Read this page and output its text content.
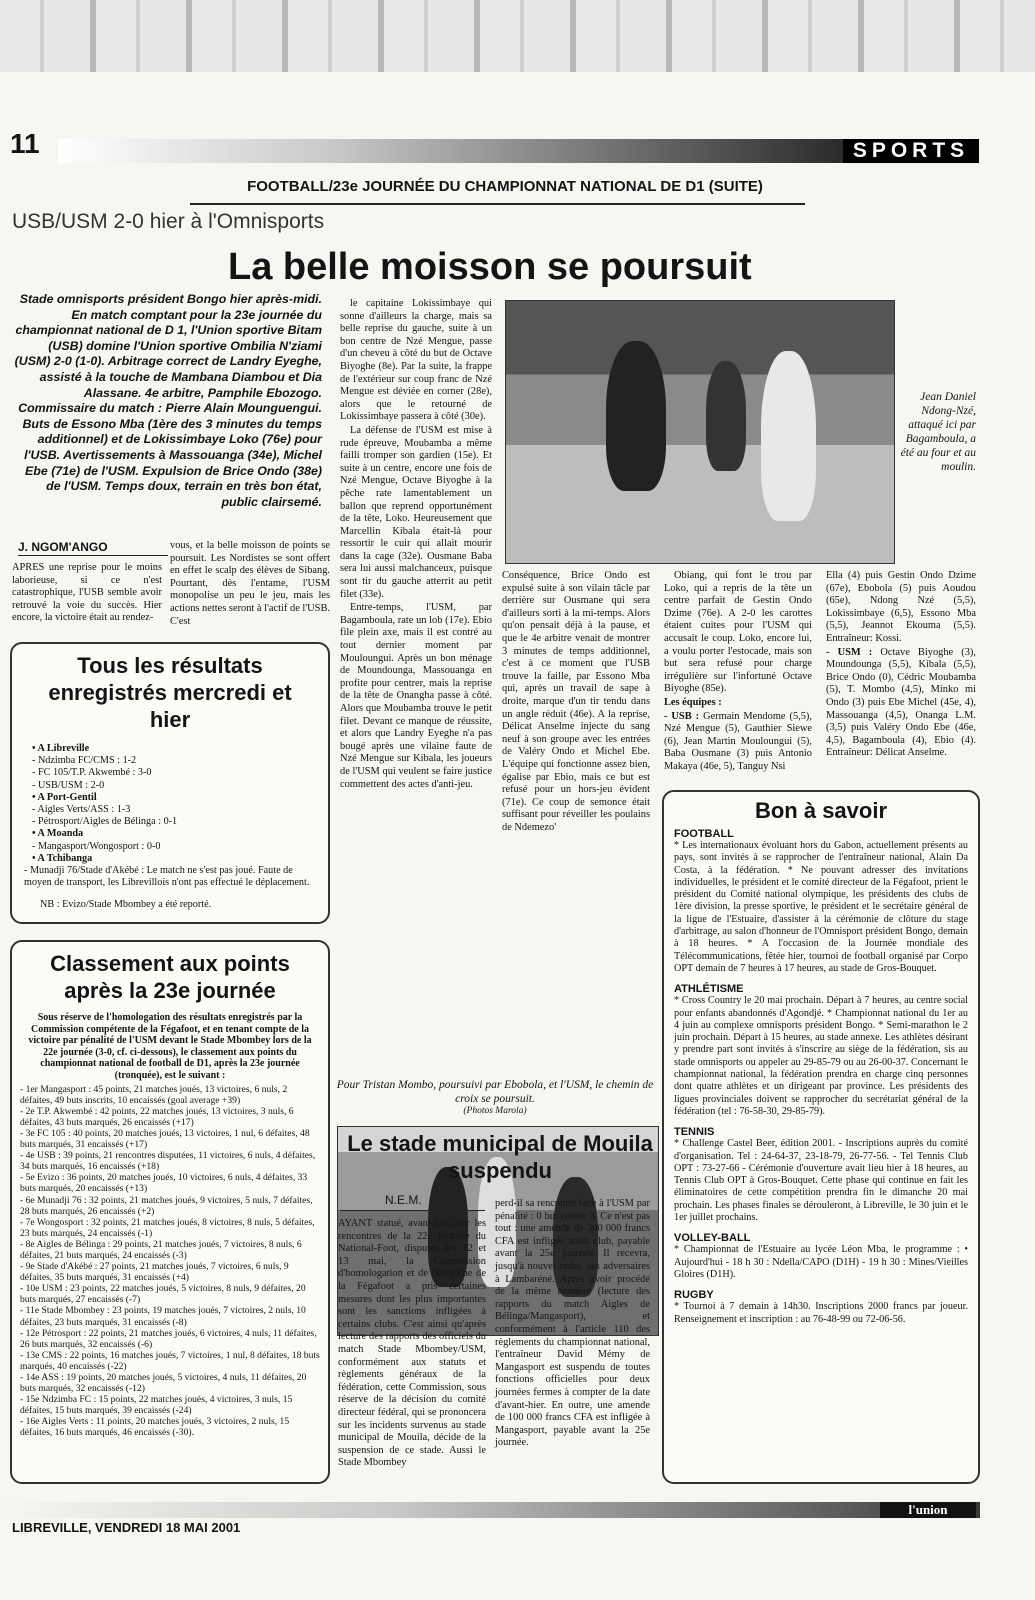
11	SPORTS
FOOTBALL/23e JOURNÉE DU CHAMPIONNAT NATIONAL DE D1 (SUITE)
USB/USM 2-0 hier à l'Omnisports
La belle moisson se poursuit
Stade omnisports président Bongo hier après-midi. En match comptant pour la 23e journée du championnat national de D 1, l'Union sportive Bitam (USB) domine l'Union sportive Ombilia N'ziami (USM) 2-0 (1-0). Arbitrage correct de Landry Eyeghe, assisté à la touche de Mambana Diambou et Dia Alassane. 4e arbitre, Pamphile Ebozogo. Commissaire du match : Pierre Alain Mounguengui. Buts de Essono Mba (1ère des 3 minutes du temps additionnel) et de Lokissimbaye Loko (76e) pour l'USB. Avertissements à Massouanga (34e), Michel Ebe (71e) de l'USM. Expulsion de Brice Ondo (38e) de l'USM. Temps doux, terrain en très bon état, public clairsemé.
J. NGOM'ANGO
APRES une reprise pour le moins laborieuse, si ce n'est catastrophique, l'USB semble avoir retrouvé la voie du succès. Hier encore, la victoire était au rendez-
vous, et la belle moisson de points se poursuit. Les Nordistes se sont offert en effet le scalp des élèves de Sibang. Pourtant, dès l'entame, l'USM monopolise un peu le jeu, mais les actions nettes seront à l'actif de l'USB. C'est

le capitaine Lokissimbaye qui sonne d'ailleurs la charge, mais sa belle reprise du gauche, suite à un bon centre de Nzé Mengue, passe d'un cheveu à côté du but de Octave Biyoghe (8e). Par la suite, la frappe de l'extérieur sur coup franc de Nzé Mengue est déviée en corner (28e), alors que le retourné de Lokissimbaye passera à côté (30e).

La défense de l'USM est mise à rude épreuve, Moubamba a même failli tromper son gardien (15e). Et suite à un centre, encore une fois de Nzé Mengue, Octave Biyoghe à la pêche rate lamentablement un ballon que reprend opportunément de la tête, Loko. Heureusement que Marcellin Kibala était-là pour ressortir le cuir qui allait mourir dans la cage (32e). Ousmane Baba sera lui aussi malchanceux, puisque sont tir du gauche atterrit au petit filet (33e).

Entre-temps, l'USM, par Bagamboula, rate un lob (17e). Ebio file plein axe, mais il est contré au tout dernier moment par Mouloungui. Après un bon ménage de Moundounga, Massouanga en profite pour centrer, mais la reprise de la tête de Onangha passe à côté. Alors que Moubamba trouve le petit filet. Devant ce manque de réussite, et alors que Landry Eyeghe n'a pas bougé après une vilaine faute de Nzé Mengue sur Kibala, les joueurs de l'USM qui veulent se faire justice commettent des actes d'anti-jeu.

Jean Daniel Ndong-Nzé, attaqué ici par Bagamboula, a été au four et au moulin.
Conséquence, Brice Ondo est expulsé suite à son vilain tâcle par derrière sur Ousmane qui sera d'ailleurs sorti à la mi-temps. Alors qu'on pensait déjà à la pause, et que le 4e arbitre venait de montrer 3 minutes de temps additionnel, c'est à ce moment que l'USB trouve la faille, par Essono Mba qui, après un travail de sape à droite, marque d'un tir tendu dans un angle réduit (46e). A la reprise, Délicat Anselme injecte du sang neuf à son groupe avec les entrées de Valéry Ondo et Michel Ebe. L'équipe qui fonctionne assez bien, égalise par Ebio, mais ce but est refusé pour un hors-jeu évident (71e). Ce coup de semonce était suffisant pour réveiller les poulains de Ndemezo'

Obiang, qui font le trou par Loko, qui a repris de la tête un centre parfait de Gestin Ondo Dzime (76e). A 2-0 les carottes étaient cuites pour l'USM qui accusait le coup. Loko, encore lui, a voulu porter l'estocade, mais son but sera refusé pour charge irrégulière sur l'infortuné Octave Biyoghe (85e).

Les équipes :

- USB : Germain Mendome (5,5), Nzé Mengue (5), Gauthier Siewe (6), Jean Martin Mouloungui (5), Baba Ousmane (3) puis Antonio Makaya (46e, 5), Tanguy Nsi

Ella (4) puis Gestin Ondo Dzime (67e), Ebobola (5) puis Aoudou (65e), Ndong Nzé (5,5), Lokissimbaye (6,5), Essono Mba (5,5), Jeannot Ekouma (5,5). Entraîneur: Kossi.

- USM : Octave Biyoghe (3), Moundounga (5,5), Kibala (5,5), Brice Ondo (0), Cédric Moubamba (5), T. Mombo (4,5), Minko mi Ondo (3) puis Ebe Michel (45e, 4), Massouanga (4,5), Onanga L.M. (3,5) puis Valéry Ondo Ebe (46e, 4,5), Bagamboula (4), Ebio (4). Entraîneur: Délicat Anselme.

Tous les résultats enregistrés mercredi et hier

• A Libreville

- Ndzimba FC/CMS : 1-2

- FC 105/T.P. Akwembé : 3-0

- USB/USM : 2-0

• A Port-Gentil

- Aigles Verts/ASS : 1-3

- Pétrosport/Aigles de Bélinga : 0-1

• A Moanda

- Mangasport/Wongosport : 0-0

• A Tchibanga

- Munadji 76/Stade d'Akébé : Le match ne s'est pas joué. Faute de moyen de transport, les Librevillois n'ont pas effectué le déplacement.

NB : Evizo/Stade Mbombey a été reporté.

Classement aux points après la 23e journée
Sous réserve de l'homologation des résultats enregistrés par la Commission compétente de la Fégafoot, et en tenant compte de la victoire par pénalité de l'USM devant le Stade Mbombey lors de la 22e journée (3-0, cf. ci-dessous), le classement aux points du championnat national de football de D1, après la 23e journée (tronquée), est le suivant :

- 1er Mangasport : 45 points, 21 matches joués, 13 victoires, 6 nuls, 2 défaites, 49 buts inscrits, 10 encaissés (goal average +39)

- 2e T.P. Akwembé : 42 points, 22 matches joués, 13 victoires, 3 nuls, 6 défaites, 43 buts marqués, 26 encaissés (+17)

- 3e FC 105 : 40 points, 20 matches joués, 13 victoires, 1 nul, 6 défaites, 48 buts marqués, 31 encaissés (+17)

- 4e USB : 39 points, 21 rencontres disputées, 11 victoires, 6 nuls, 4 défaites, 34 buts marqués, 16 encaissés (+18)

- 5e Evizo : 36 points, 20 matches joués, 10 victoires, 6 nuls, 4 défaites, 33 buts marqués, 20 encaissés (+13)

- 6e Munadji 76 : 32 points, 21 matches joués, 9 victoires, 5 nuls, 7 défaites, 28 buts marqués, 26 encaissés (+2)

- 7e Wongosport : 32 points, 21 matches joués, 8 victoires, 8 nuls, 5 défaites, 23 buts marqués, 24 encaissés (-1)

- 8e Aigles de Bélinga : 29 points, 21 matches joués, 7 victoires, 8 nuls, 6 défaites, 21 buts marqués, 24 encaissés (-3)

- 9e Stade d'Akébé : 27 points, 21 matches joués, 7 victoires, 6 nuls, 9 défaites, 35 buts marqués, 31 encaissés (+4)

- 10e USM : 23 points, 22 matches joués, 5 victoires, 8 nuls, 9 défaites, 20 buts marqués, 27 encaissés (-7)

- 11e Stade Mbombey : 23 points, 19 matches joués, 7 victoires, 2 nuls, 10 défaites, 23 buts marqués, 31 encaissés (-8)

- 12e Pétrosport : 22 points, 21 matches joués, 6 victoires, 4 nuls, 11 défaites, 26 buts marqués, 32 encaissés (-6)

- 13e CMS : 22 points, 16 matches joués, 7 victoires, 1 nul, 8 défaites, 18 buts marqués, 40 encaissés (-22)

- 14e ASS : 19 points, 20 matches joués, 5 victoires, 4 nuls, 11 défaites, 20 buts marqués, 32 encaissés (-12)

- 15e Ndzimba FC : 15 points, 22 matches joués, 4 victoires, 3 nuls, 15 défaites, 15 buts marqués, 39 encaissés (-24)

- 16e Aigles Verts : 11 points, 20 matches joués, 3 victoires, 2 nuls, 15 défaites, 16 buts marqués, 46 encaissés (-30).

Pour Tristan Mombo, poursuivi par Ebobola, et l'USM, le chemin de croix se poursuit.
(Photos Marola)
Le stade municipal de Mouila suspendu
N.E.M.
AYANT statué, avant-hier, sur les rencontres de la 22e journée du National-Foot, disputée les 12 et 13 mai, la Commission d'homologation et de discipline de la Fégafoot a pris certaines mesures dont les plus importantes sont les sanctions infligées à certains clubs. C'est ainsi qu'après lecture des rapports des officiels du match Stade Mbombey/USM, conformément aux statuts et règlements généraux de la fédération, cette Commission, sous réserve de la décision du comité directeur fédéral, qui se prononcera sur les incidents survenus au stade municipal de Mouila, décide de la suspension de ce stade. Aussi le Stade Mbombey
perd-il sa rencontre face à l'USM par pénalité : 0 but contre 3. Ce n'est pas tout : une amende de 300 000 francs CFA est infligée audit club, payable avant la 25e journée. Il recevra, jusqu'à nouvel ordre, ses adversaires à Lambaréné. Après avoir procédé de la même manière (lecture des rapports du match Aigles de Bélinga/Mangasport), et conformément à l'article 110 des règlements du championnat national, l'entraîneur David Mémy de Mangasport est suspendu de toutes fonctions officielles pour deux journées fermes à compter de la date d'avant-hier. En outre, une amende de 100 000 francs CFA est infligée à Mangasport, payable avant la 25e journée.
Bon à savoir
FOOTBALL
* Les internationaux évoluant hors du Gabon, actuellement présents au pays, sont invités à se rapprocher de l'entraîneur national, Alain Da Costa, à la fédération. * Ne pouvant adresser des invitations individuelles, le président et le comité directeur de la Fégafoot, prient le président du Comité national olympique, les présidents des clubs de 1ère division, la presse sportive, le président et le secrétaire général de la ligue de l'Estuaire, d'assister à la cérémonie de clôture du stage d'arbitrage, au salon d'honneur de l'Omnisport président Bongo, demain à 18 heures. * A l'occasion de la Journée mondiale des Télécommunications, fêtée hier, tournoi de football organisé par Corpo OPT demain de 7 heures à 17 heures, au stade de Gros-Bouquet.
ATHLÉTISME
* Cross Country le 20 mai prochain. Départ à 7 heures, au centre social pour enfants abandonnés d'Agondjé. * Championnat national du 1er au 4 juin au complexe omnisports président Bongo. * Semi-marathon le 2 juin prochain. Départ à 15 heures, au stade annexe. Les athlètes désirant y prendre part sont invités à s'inscrire au siège de la fédération, sis au stade omnisports ou appeler au 29-85-79 ou au 26-00-37. Concernant le championnat national, la fédération prendra en charge cinq personnes dont quatre athlètes et un dirigeant par province. Les présidents des ligues provinciales doivent se rapprocher du secrétariat général de la fédération (tel : 76-58-30, 29-85-79).
TENNIS
* Challenge Castel Beer, édition 2001. - Inscriptions auprès du comité d'organisation. Tel : 24-64-37, 23-18-79, 26-77-56. - Tel Tennis Club OPT : 73-27-66 - Cérémonie d'ouverture avait lieu hier à 18 heures, au Tennis Club OPT à Gros-Bouquet. Cette phase qui continue en fait les éliminatoires de cette compétition prendra fin le dimanche 20 mai prochain. Les phases finales se dérouleront, à Libreville, le 30 juin et le 1er juillet prochains.
VOLLEY-BALL
* Championnat de l'Estuaire au lycée Léon Mba, le programme : • Aujourd'hui - 18 h 30 : Ndella/CAPO (D1H) - 19 h 30 : Mines/Vieilles Gloires (D1H).
RUGBY
* Tournoi à 7 demain à 14h30. Inscriptions 2000 francs par joueur. Renseignement et inscription : au 76-48-99 ou 72-06-56.
LIBREVILLE, VENDREDI 18 MAI 2001
l'union
